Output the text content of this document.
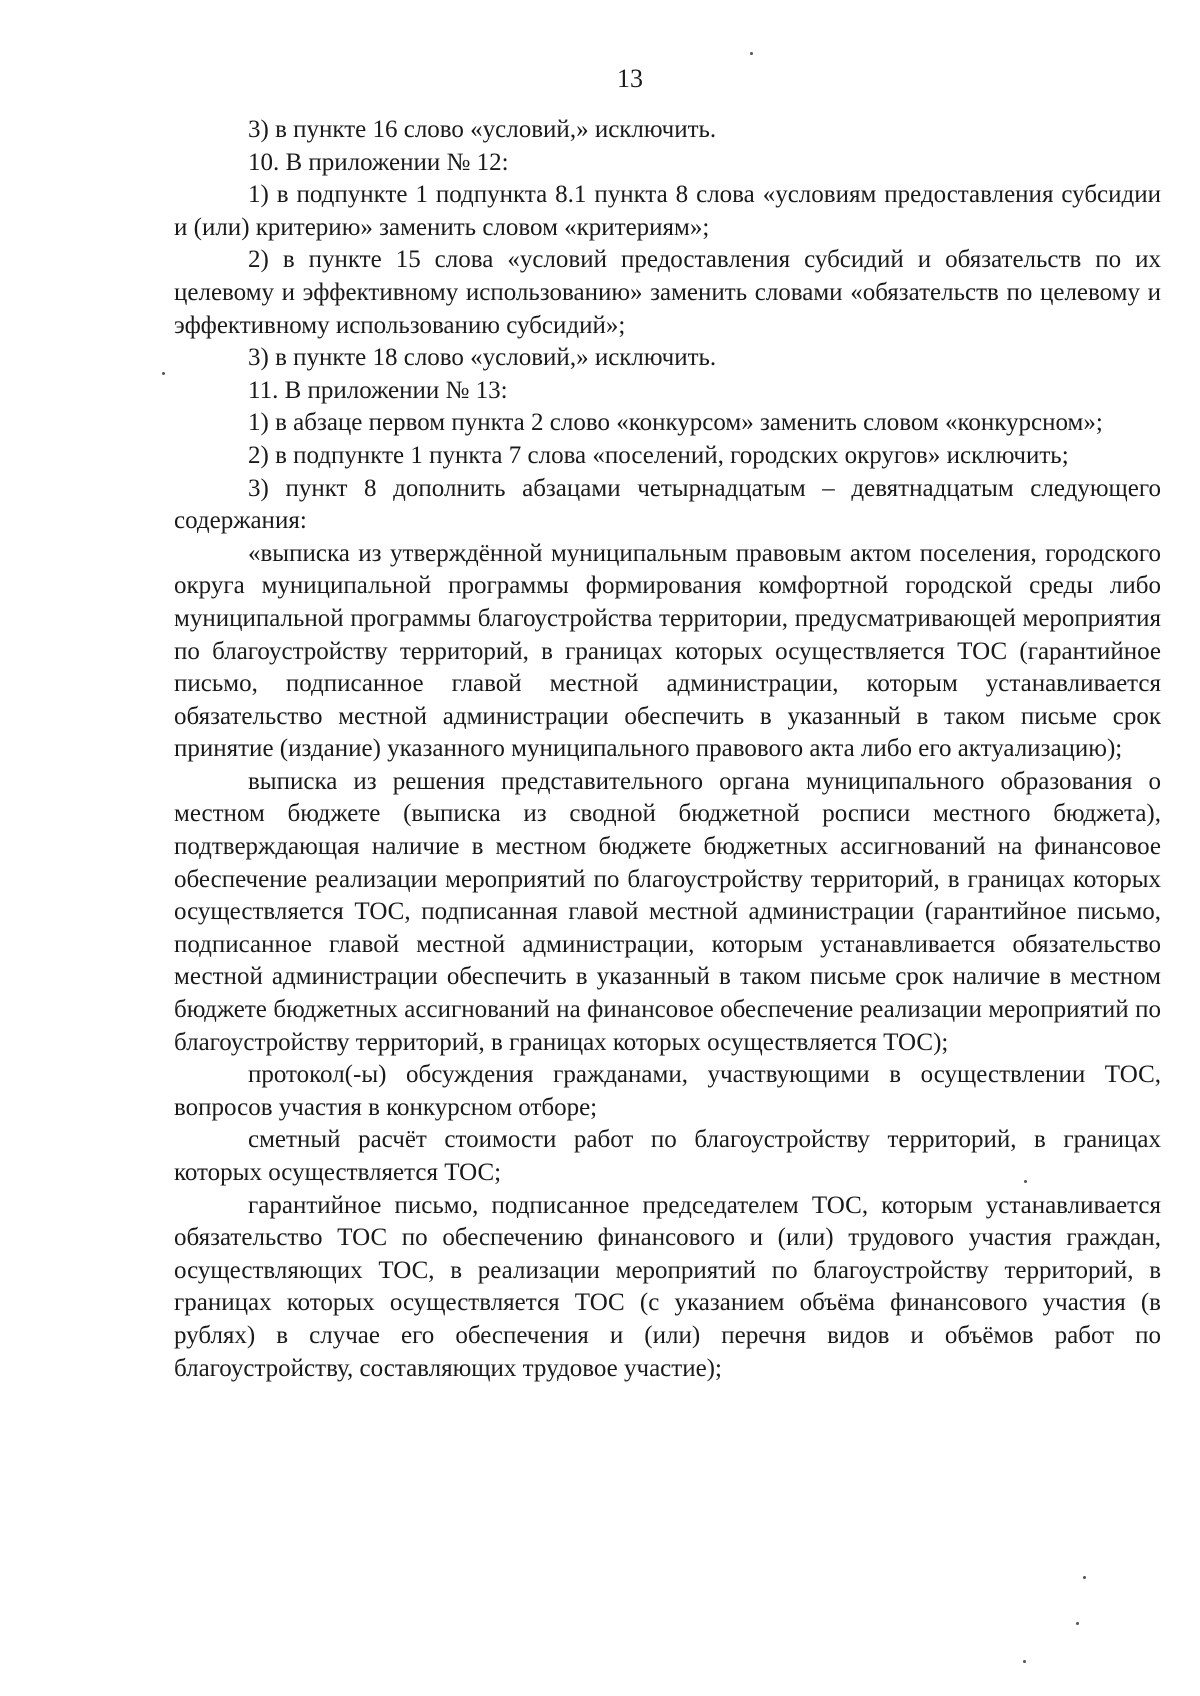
13

3) в пункте 16 слово «условий,» исключить.

10. В приложении № 12:

1) в подпункте 1 подпункта 8.1 пункта 8 слова «условиям предоставления субсидии и (или) критерию» заменить словом «критериям»;

2) в пункте 15 слова «условий предоставления субсидий и обязательств по их целевому и эффективному использованию» заменить словами «обязательств по целевому и эффективному использованию субсидий»;

3) в пункте 18 слово «условий,» исключить.

11. В приложении № 13:

1) в абзаце первом пункта 2 слово «конкурсом» заменить словом «конкурсном»;

2) в подпункте 1 пункта 7 слова «поселений, городских округов» исключить;

3) пункт 8 дополнить абзацами четырнадцатым – девятнадцатым следующего содержания:

«выписка из утверждённой муниципальным правовым актом поселения, городского округа муниципальной программы формирования комфортной городской среды либо муниципальной программы благоустройства территории, предусматривающей мероприятия по благоустройству территорий, в границах которых осуществляется ТОС (гарантийное письмо, подписанное главой местной администрации, которым устанавливается обязательство местной администрации обеспечить в указанный в таком письме срок принятие (издание) указанного муниципального правового акта либо его актуализацию);

выписка из решения представительного органа муниципального образования о местном бюджете (выписка из сводной бюджетной росписи местного бюджета), подтверждающая наличие в местном бюджете бюджетных ассигнований на финансовое обеспечение реализации мероприятий по благоустройству территорий, в границах которых осуществляется ТОС, подписанная главой местной администрации (гарантийное письмо, подписанное главой местной администрации, которым устанавливается обязательство местной администрации обеспечить в указанный в таком письме срок наличие в местном бюджете бюджетных ассигнований на финансовое обеспечение реализации мероприятий по благоустройству территорий, в границах которых осуществляется ТОС);

протокол(-ы) обсуждения гражданами, участвующими в осуществлении ТОС, вопросов участия в конкурсном отборе;

сметный расчёт стоимости работ по благоустройству территорий, в границах которых осуществляется ТОС;

гарантийное письмо, подписанное председателем ТОС, которым устанавливается обязательство ТОС по обеспечению финансового и (или) трудового участия граждан, осуществляющих ТОС, в реализации мероприятий по благоустройству территорий, в границах которых осуществляется ТОС (с указанием объёма финансового участия (в рублях) в случае его обеспечения и (или) перечня видов и объёмов работ по благоустройству, составляющих трудовое участие);
